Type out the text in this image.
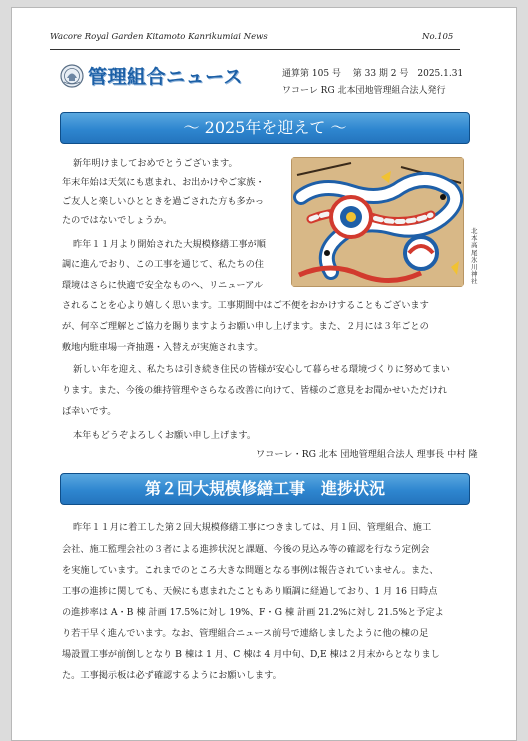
Wacore Royal Garden Kitamoto Kanrikumiai News	No.105
管理組合ニュース	通算第 105 号　 第 33 期 2 号　2025.1.31
ワコーレ RG 北本団地管理組合法人発行
～ 2025年を迎えて ～
北本高尾氷川神社
新年明けましておめでとうございます。
年末年始は天気にも恵まれ、お出かけやご家族・
ご友人と楽しいひとときを過ごされた方も多かっ
たのではないでしょうか。
昨年１１月より開始された大規模修繕工事が順
調に進んでおり、この工事を通じて、私たちの住
環境はさらに快適で安全なものへ、リニューアル
されることを心より嬉しく思います。工事期間中はご不便をおかけすることもございます
が、何卒ご理解とご協力を賜りますようお願い申し上げます。また、２月には３年ごとの
敷地内駐車場一斉抽選・入替えが実施されます。
新しい年を迎え、私たちは引き続き住民の皆様が安心して暮らせる環境づくりに努めてまい
ります。また、今後の維持管理やさらなる改善に向けて、皆様のご意見をお聞かせいただけれ
ば幸いです。
本年もどうぞよろしくお願い申し上げます。
ワコーレ・RG 北本 団地管理組合法人 理事長 中村 隆
第２回大規模修繕工事　進捗状況
昨年１１月に着工した第２回大規模修繕工事につきましては、月１回、管理組合、施工
会社、施工監理会社の３者による進捗状況と課題、今後の見込み等の確認を行なう定例会
を実施しています。これまでのところ大きな問題となる事例は報告されていません。また、
工事の進捗に関しても、天候にも恵まれたこともあり順調に経過しており、1 月 16 日時点
の進捗率は A・B 棟 計画 17.5%に対し 19%、F・G 棟 計画 21.2%に対し 21.5%と予定よ
り若干早く進んでいます。なお、管理組合ニュース前号で連絡しましたように他の棟の足
場設置工事が前倒しとなり B 棟は 1 月、C 棟は 4 月中旬、D,E 棟は２月末からとなりまし
た。工事掲示板は必ず確認するようにお願いします。
